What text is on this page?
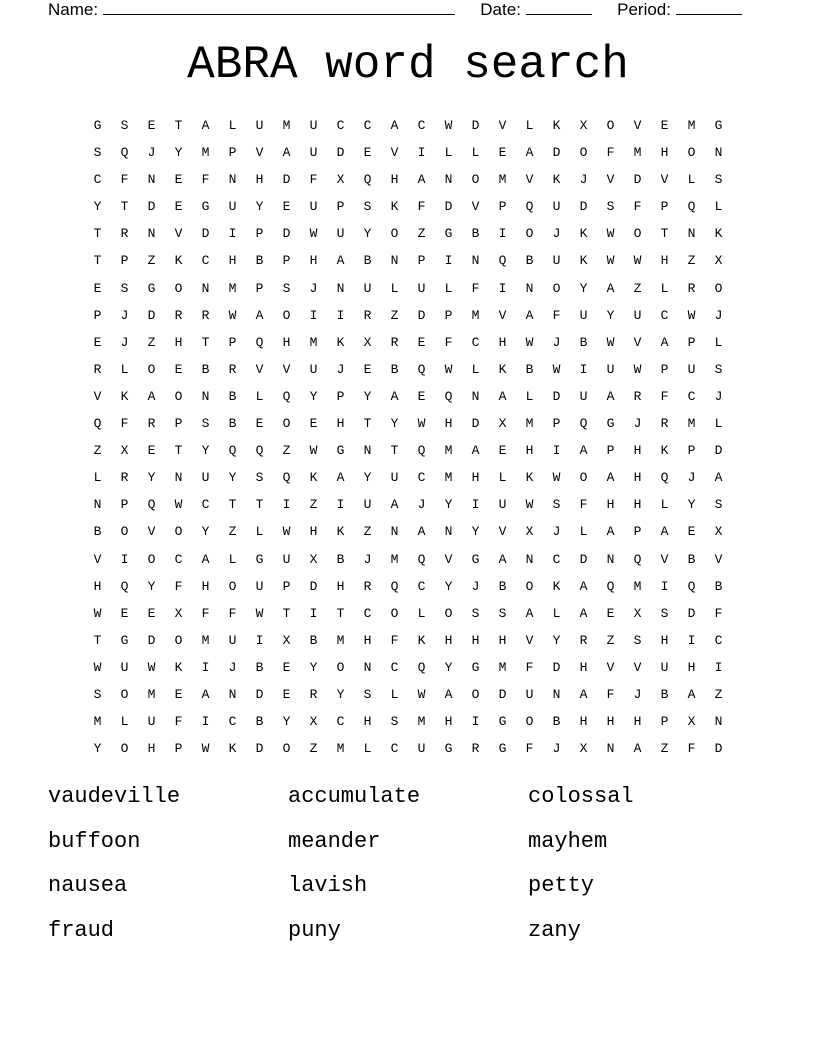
Name:	Date:	Period:
ABRA word search
G	S	E	T	A	L	U	M	U	C	C	A	C	W	D	V	L	K	X	O	V	E	M	G
S	Q	J	Y	M	P	V	A	U	D	E	V	I	L	L	E	A	D	O	F	M	H	O	N
C	F	N	E	F	N	H	D	F	X	Q	H	A	N	O	M	V	K	J	V	D	V	L	S
Y	T	D	E	G	U	Y	E	U	P	S	K	F	D	V	P	Q	U	D	S	F	P	Q	L
T	R	N	V	D	I	P	D	W	U	Y	O	Z	G	B	I	O	J	K	W	O	T	N	K
T	P	Z	K	C	H	B	P	H	A	B	N	P	I	N	Q	B	U	K	W	W	H	Z	X
E	S	G	O	N	M	P	S	J	N	U	L	U	L	F	I	N	O	Y	A	Z	L	R	O
P	J	D	R	R	W	A	O	I	I	R	Z	D	P	M	V	A	F	U	Y	U	C	W	J
E	J	Z	H	T	P	Q	H	M	K	X	R	E	F	C	H	W	J	B	W	V	A	P	L
R	L	O	E	B	R	V	V	U	J	E	B	Q	W	L	K	B	W	I	U	W	P	U	S
V	K	A	O	N	B	L	Q	Y	P	Y	A	E	Q	N	A	L	D	U	A	R	F	C	J
Q	F	R	P	S	B	E	O	E	H	T	Y	W	H	D	X	M	P	Q	G	J	R	M	L
Z	X	E	T	Y	Q	Q	Z	W	G	N	T	Q	M	A	E	H	I	A	P	H	K	P	D
L	R	Y	N	U	Y	S	Q	K	A	Y	U	C	M	H	L	K	W	O	A	H	Q	J	A
N	P	Q	W	C	T	T	I	Z	I	U	A	J	Y	I	U	W	S	F	H	H	L	Y	S
B	O	V	O	Y	Z	L	W	H	K	Z	N	A	N	Y	V	X	J	L	A	P	A	E	X
V	I	O	C	A	L	G	U	X	B	J	M	Q	V	G	A	N	C	D	N	Q	V	B	V
H	Q	Y	F	H	O	U	P	D	H	R	Q	C	Y	J	B	O	K	A	Q	M	I	Q	B
W	E	E	X	F	F	W	T	I	T	C	O	L	O	S	S	A	L	A	E	X	S	D	F
T	G	D	O	M	U	I	X	B	M	H	F	K	H	H	H	V	Y	R	Z	S	H	I	C
W	U	W	K	I	J	B	E	Y	O	N	C	Q	Y	G	M	F	D	H	V	V	U	H	I
S	O	M	E	A	N	D	E	R	Y	S	L	W	A	O	D	U	N	A	F	J	B	A	Z
M	L	U	F	I	C	B	Y	X	C	H	S	M	H	I	G	O	B	H	H	H	P	X	N
Y	O	H	P	W	K	D	O	Z	M	L	C	U	G	R	G	F	J	X	N	A	Z	F	D
vaudeville	accumulate	colossal
buffoon	meander	mayhem
nausea	lavish	petty
fraud	puny	zany
